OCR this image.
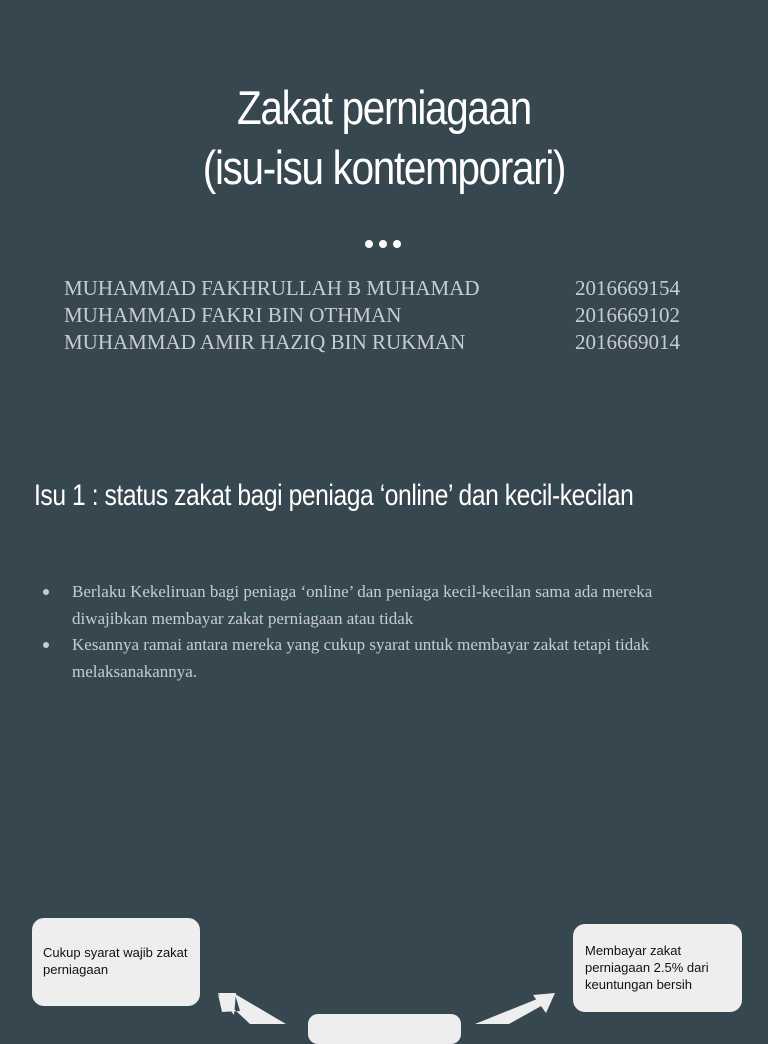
Zakat perniagaan
(isu-isu kontemporari)
MUHAMMAD FAKHRULLAH B MUHAMAD	2016669154
MUHAMMAD FAKRI BIN OTHMAN	2016669102
MUHAMMAD AMIR HAZIQ BIN RUKMAN	2016669014
Isu 1 : status zakat bagi peniaga ‘online’ dan kecil-kecilan
Berlaku Kekeliruan bagi peniaga ‘online’ dan peniaga kecil-kecilan sama ada mereka diwajibkan membayar zakat perniagaan atau tidak
Kesannya ramai antara mereka yang cukup syarat untuk membayar zakat tetapi tidak melaksanakannya.
Cukup syarat wajib zakat perniagaan
Membayar zakat perniagaan 2.5% dari keuntungan bersih
